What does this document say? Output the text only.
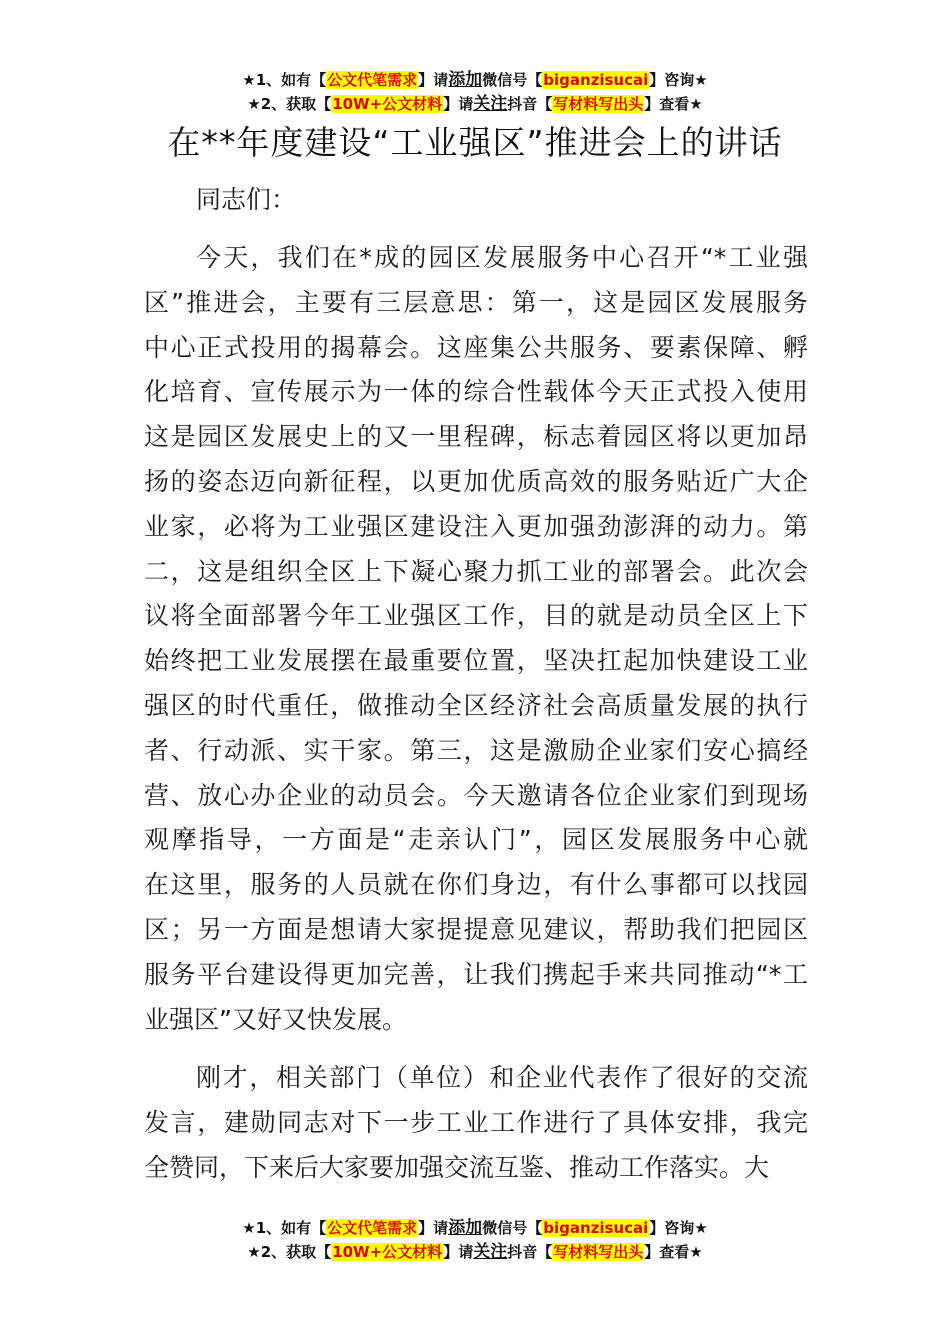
★1、如有【公文代笔需求】请添加微信号【biganzisucai】咨询★
★2、获取【10W+公文材料】请关注抖音【写材料写出头】查看★
在**年度建设“工业强区”推进会上的讲话
同志们：
今天，我们在*成的园区发展服务中心召开“*工业强
区”推进会，主要有三层意思：第一，这是园区发展服务
中心正式投用的揭幕会。这座集公共服务、要素保障、孵
化培育、宣传展示为一体的综合性载体今天正式投入使用
这是园区发展史上的又一里程碑，标志着园区将以更加昂
扬的姿态迈向新征程，以更加优质高效的服务贴近广大企
业家，必将为工业强区建设注入更加强劲澎湃的动力。第
二，这是组织全区上下凝心聚力抓工业的部署会。此次会
议将全面部署今年工业强区工作，目的就是动员全区上下
始终把工业发展摆在最重要位置，坚决扛起加快建设工业
强区的时代重任，做推动全区经济社会高质量发展的执行
者、行动派、实干家。第三，这是激励企业家们安心搞经
营、放心办企业的动员会。今天邀请各位企业家们到现场
观摩指导，一方面是“走亲认门”，园区发展服务中心就
在这里，服务的人员就在你们身边，有什么事都可以找园
区；另一方面是想请大家提提意见建议，帮助我们把园区
服务平台建设得更加完善，让我们携起手来共同推动“*工
业强区”又好又快发展。
刚才，相关部门（单位）和企业代表作了很好的交流
发言，建勋同志对下一步工业工作进行了具体安排，我完
全赞同，下来后大家要加强交流互鉴、推动工作落实。大
★1、如有【公文代笔需求】请添加微信号【biganzisucai】咨询★
★2、获取【10W+公文材料】请关注抖音【写材料写出头】查看★
